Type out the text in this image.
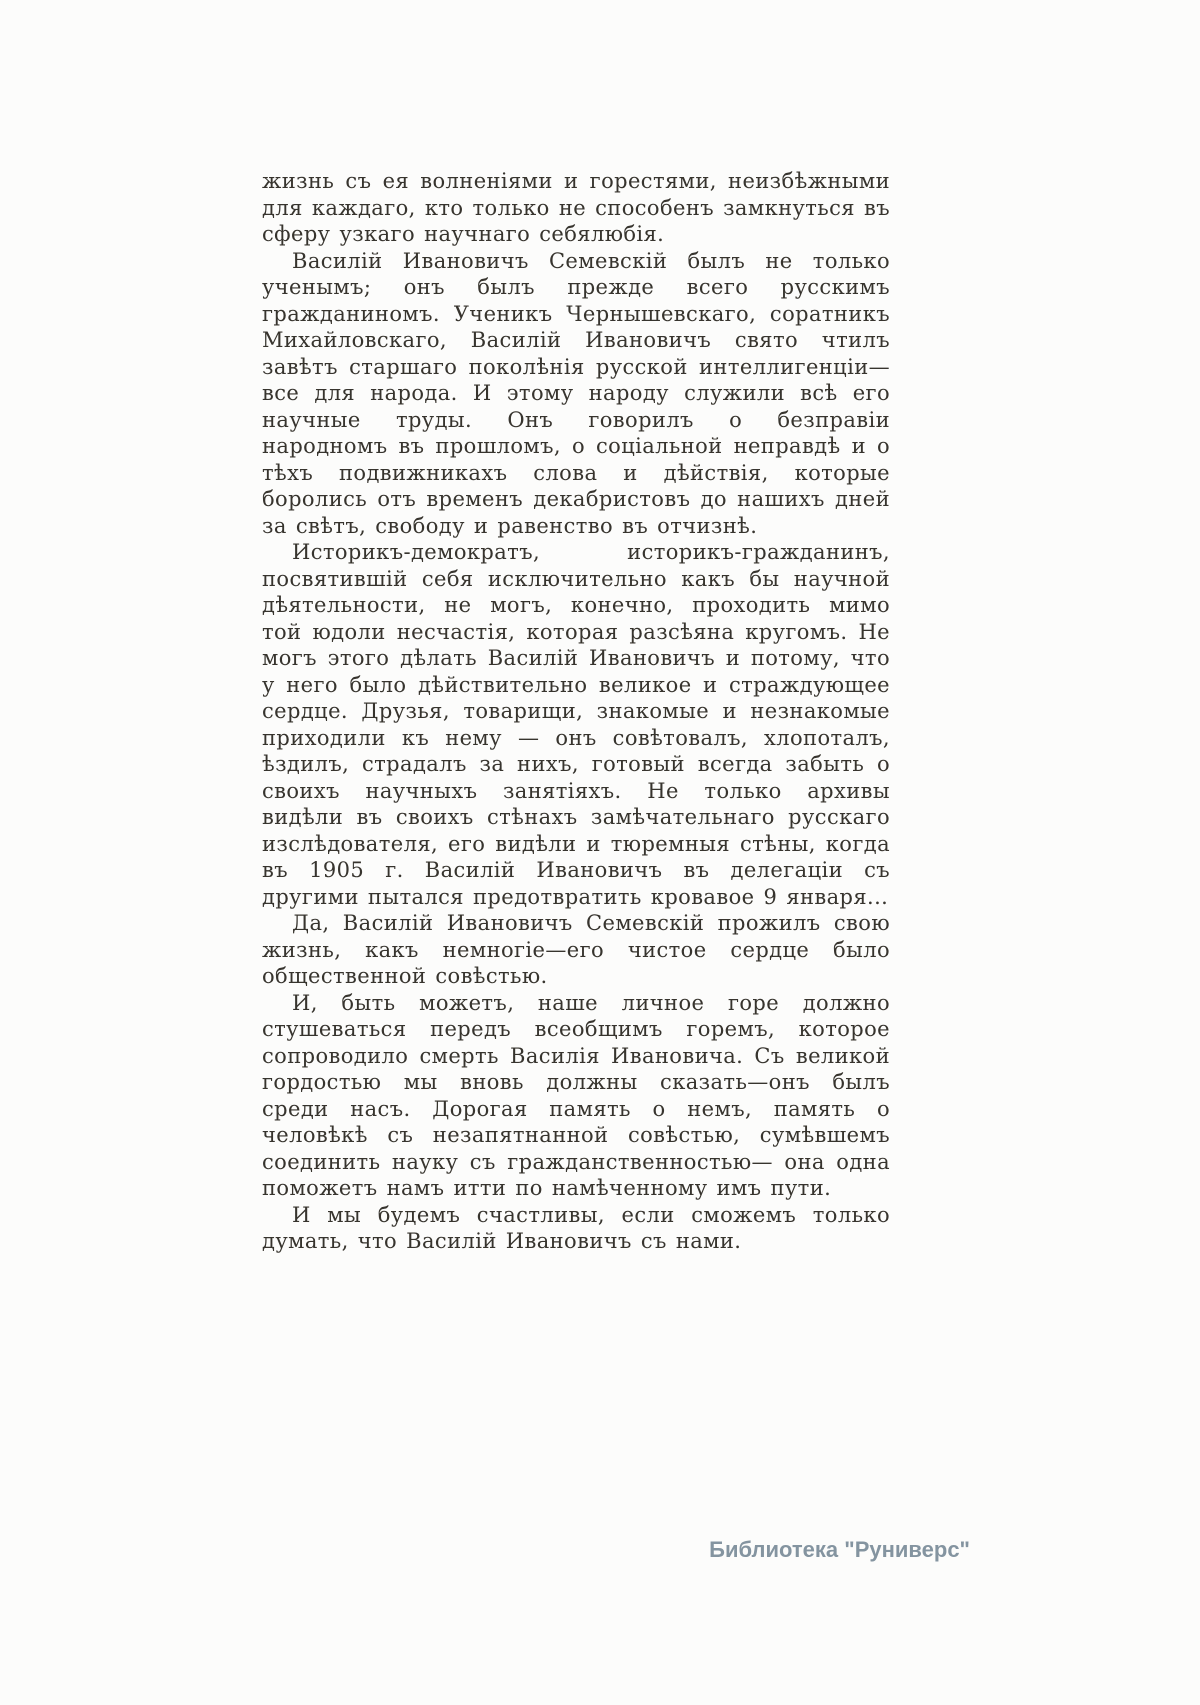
жизнь съ ея волненіями и горестями, неизбѣжными для каждаго, кто только не способенъ замкнуться въ сферу узкаго научнаго себялюбія.

Василій Ивановичъ Семевскій былъ не только ученымъ; онъ былъ прежде всего русскимъ гражданиномъ. Ученикъ Чернышевскаго, соратникъ Михайловскаго, Василій Ивановичъ свято чтилъ завѣтъ старшаго поколѣнія русской интеллигенціи—все для народа. И этому народу служили всѣ его научные труды. Онъ говорилъ о безправіи народномъ въ прошломъ, о соціальной неправдѣ и о тѣхъ подвижникахъ слова и дѣйствія, которые боролись отъ временъ декабристовъ до нашихъ дней за свѣтъ, свободу и равенство въ отчизнѣ.

Историкъ-демократъ, историкъ-гражданинъ, посвятившій себя исключительно какъ бы научной дѣятельности, не могъ, конечно, проходить мимо той юдоли несчастія, которая разсѣяна кругомъ. Не могъ этого дѣлать Василій Ивановичъ и потому, что у него было дѣйствительно великое и страждующее сердце. Друзья, товарищи, знакомые и незнакомые приходили къ нему — онъ совѣтовалъ, хлопоталъ, ѣздилъ, страдалъ за нихъ, готовый всегда забыть о своихъ научныхъ занятіяхъ. Не только архивы видѣли въ своихъ стѣнахъ замѣчательнаго русскаго изслѣдователя, его видѣли и тюремныя стѣны, когда въ 1905 г. Василій Ивановичъ въ делегаціи съ другими пытался предотвратить кровавое 9 января...

Да, Василій Ивановичъ Семевскій прожилъ свою жизнь, какъ немногіе—его чистое сердце было общественной совѣстью.

И, быть можетъ, наше личное горе должно стушеваться передъ всеобщимъ горемъ, которое сопроводило смерть Василія Ивановича. Съ великой гордостью мы вновь должны сказать—онъ былъ среди насъ. Дорогая память о немъ, память о человѣкѣ съ незапятнанной совѣстью, сумѣвшемъ соединить науку съ гражданственностью— она одна поможетъ намъ итти по намѣченному имъ пути.

И мы будемъ счастливы, если сможемъ только думать, что Василій Ивановичъ съ нами.

Библиотека "Руниверс"
